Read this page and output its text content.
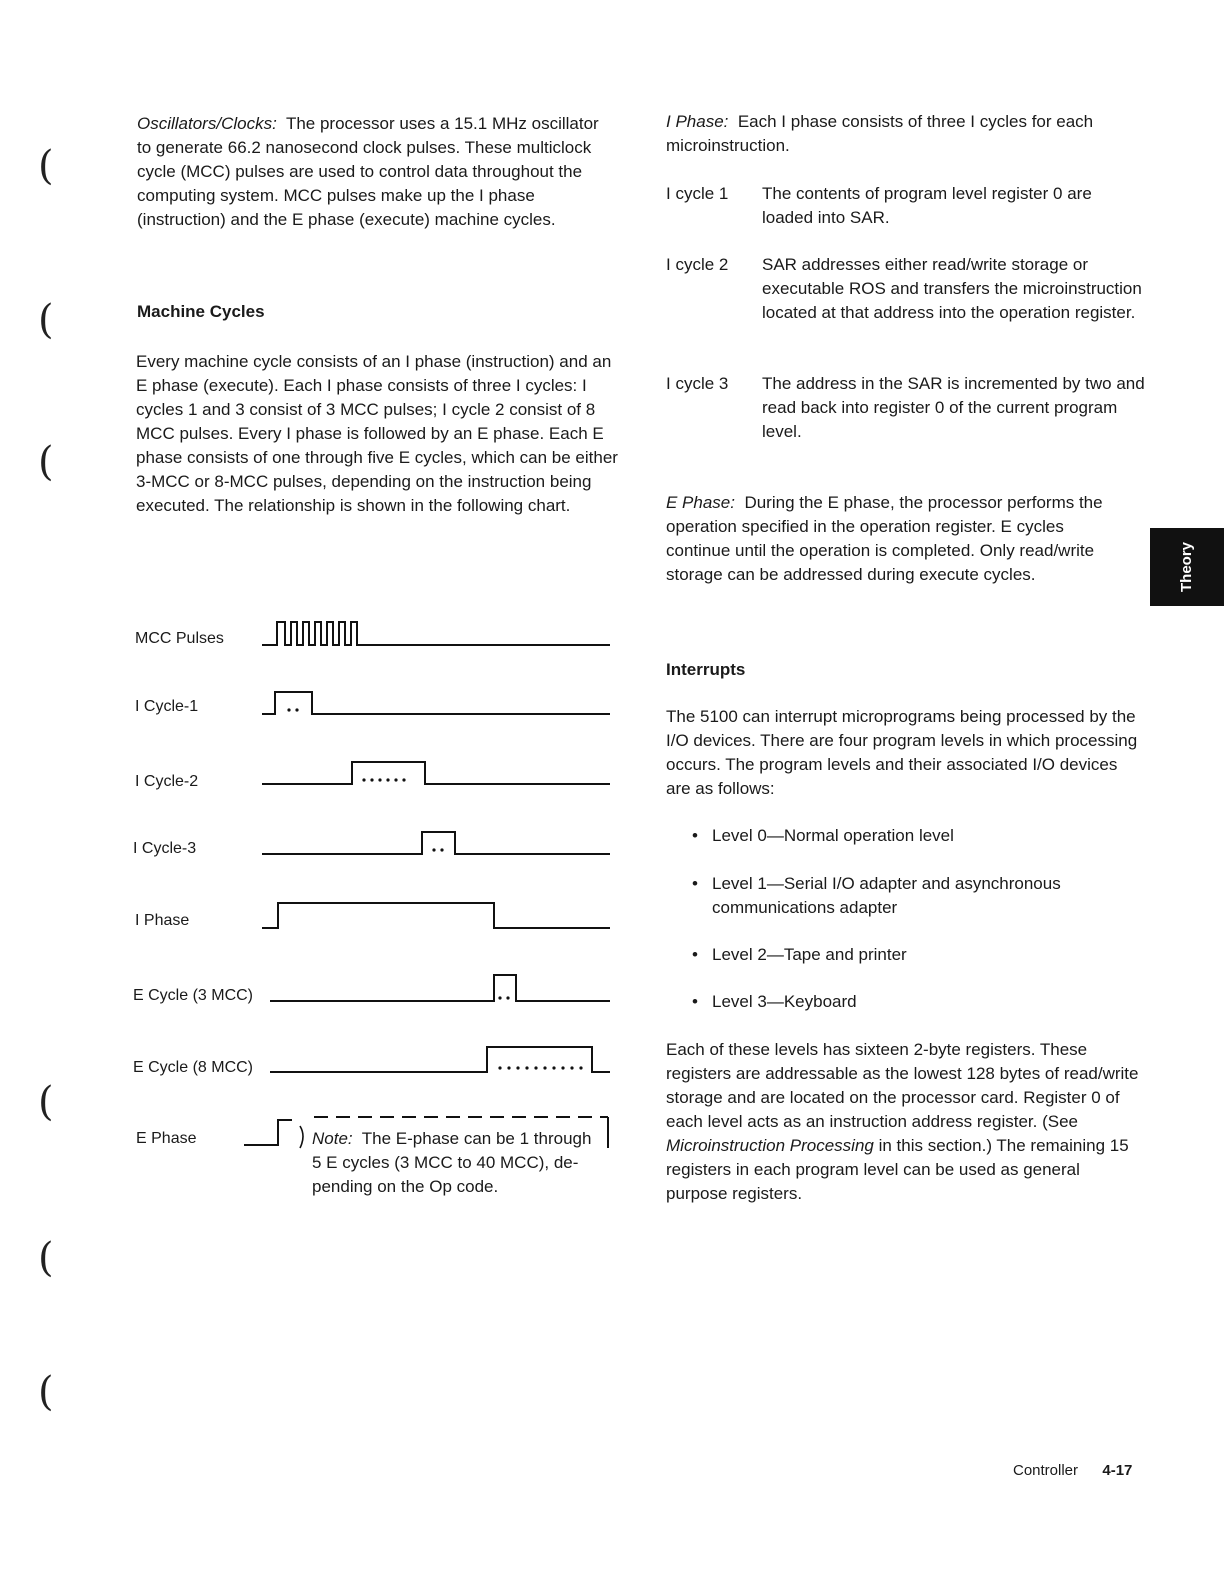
(
(
(
(
(
(

Oscillators/Clocks: The processor uses a 15.1 MHz oscillator to generate 66.2 nanosecond clock pulses. These multiclock cycle (MCC) pulses are used to control data throughout the computing system. MCC pulses make up the I phase (instruction) and the E phase (execute) machine cycles.

Machine Cycles

Every machine cycle consists of an I phase (instruction) and an E phase (execute). Each I phase consists of three I cycles: I cycles 1 and 3 consist of 3 MCC pulses; I cycle 2 consist of 8 MCC pulses. Every I phase is followed by an E phase. Each E phase consists of one through five E cycles, which can be either 3-MCC or 8-MCC pulses, depending on the instruction being executed. The relationship is shown in the following chart.

MCC Pulses
I Cycle-1
I Cycle-2
I Cycle-3
I Phase
E Cycle (3 MCC)
E Cycle (8 MCC)
E Phase	Note: The E-phase can be 1 through

5 E cycles (3 MCC to 40 MCC), de-

pending on the Op code.

I Phase: Each I phase consists of three I cycles for each microinstruction.

I cycle 1 The contents of program level register 0 are loaded into SAR.
I cycle 2 SAR addresses either read/write storage or executable ROS and transfers the microinstruction located at that address into the operation register.
I cycle 3 The address in the SAR is incremented by two and read back into register 0 of the current program level.

E Phase: During the E phase, the processor performs the operation specified in the operation register. E cycles continue until the operation is completed. Only read/write storage can be addressed during execute cycles.

Interrupts

The 5100 can interrupt microprograms being processed by the I/O devices. There are four program levels in which processing occurs. The program levels and their associated I/O devices are as follows:

• Level 0—Normal operation level
• Level 1—Serial I/O adapter and asynchronous communications adapter
• Level 2—Tape and printer
• Level 3—Keyboard

Each of these levels has sixteen 2-byte registers. These registers are addressable as the lowest 128 bytes of read/write storage and are located on the processor card. Register 0 of each level acts as an instruction address register. (See Microinstruction Processing in this section.) The remaining 15 registers in each program level can be used as general purpose registers.

Theory
Controller 4-17
